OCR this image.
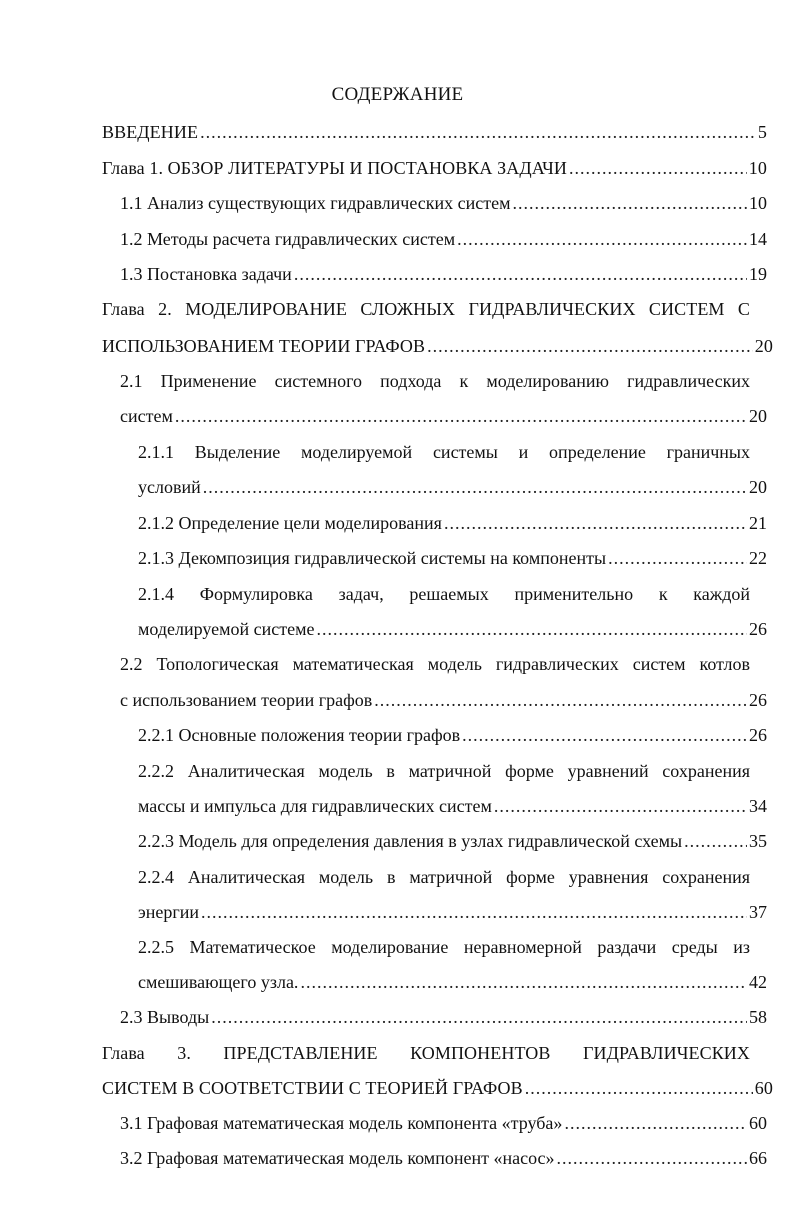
СОДЕРЖАНИЕ
ВВЕДЕНИЕ .....	5
Глава 1. ОБЗОР ЛИТЕРАТУРЫ И ПОСТАНОВКА ЗАДАЧИ .....	10
1.1 Анализ существующих гидравлических систем .....	10
1.2 Методы расчета гидравлических систем .....	14
1.3 Постановка задачи .....	19
Глава 2. МОДЕЛИРОВАНИЕ СЛОЖНЫХ ГИДРАВЛИЧЕСКИХ СИСТЕМ С
ИСПОЛЬЗОВАНИЕМ ТЕОРИИ ГРАФОВ .....	20
2.1 Применение системного подхода к моделированию гидравлических
систем .....	20
2.1.1 Выделение моделируемой системы и определение граничных
условий .....	20
2.1.2 Определение цели моделирования .....	21
2.1.3 Декомпозиция гидравлической системы на компоненты .....	22
2.1.4 Формулировка задач, решаемых применительно к каждой
моделируемой системе .....	26
2.2 Топологическая математическая модель гидравлических систем котлов
с использованием теории графов .....	26
2.2.1 Основные положения теории графов .....	26
2.2.2 Аналитическая модель в матричной форме уравнений сохранения
массы и импульса для гидравлических систем .....	34
2.2.3 Модель для определения давления в узлах гидравлической схемы .....	35
2.2.4 Аналитическая модель в матричной форме уравнения сохранения
энергии .....	37
2.2.5 Математическое моделирование неравномерной раздачи среды из
смешивающего узла. .....	42
2.3 Выводы .....	58
Глава 3. ПРЕДСТАВЛЕНИЕ КОМПОНЕНТОВ ГИДРАВЛИЧЕСКИХ
СИСТЕМ В СООТВЕТСТВИИ С ТЕОРИЕЙ ГРАФОВ .....	60
3.1 Графовая математическая модель компонента «труба» .....	60
3.2 Графовая математическая модель компонент «насос» .....	66
